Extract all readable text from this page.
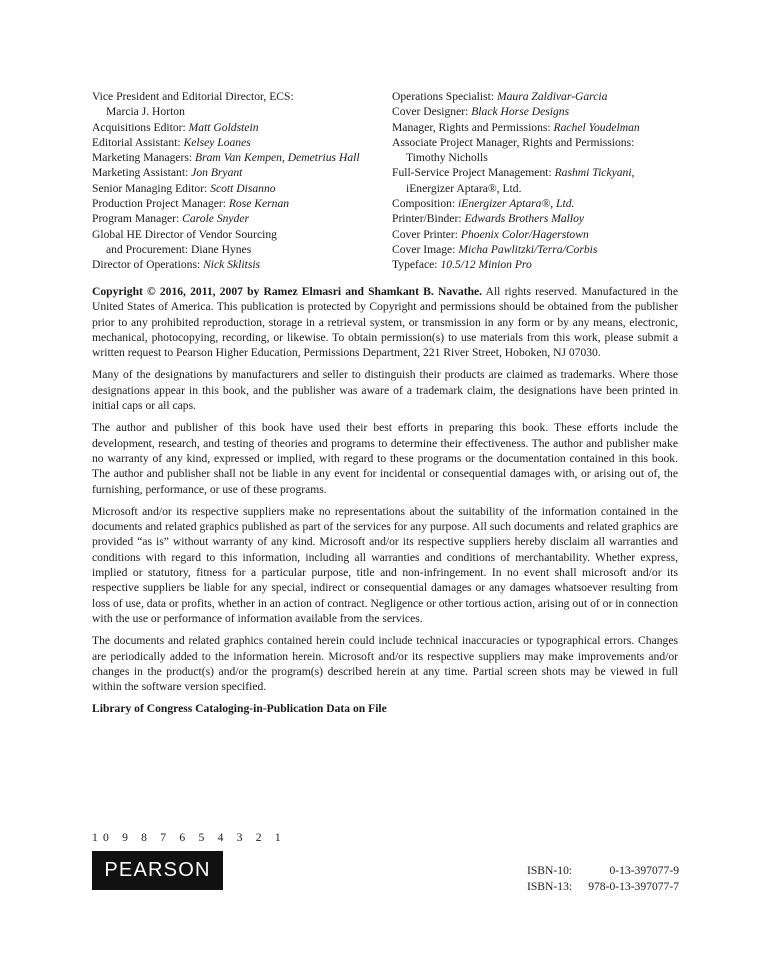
Vice President and Editorial Director, ECS:
Marcia J. Horton
Acquisitions Editor: Matt Goldstein
Editorial Assistant: Kelsey Loanes
Marketing Managers: Bram Van Kempen, Demetrius Hall
Marketing Assistant: Jon Bryant
Senior Managing Editor: Scott Disanno
Production Project Manager: Rose Kernan
Program Manager: Carole Snyder
Global HE Director of Vendor Sourcing
and Procurement: Diane Hynes
Director of Operations: Nick Sklitsis
Operations Specialist: Maura Zaldivar-Garcia
Cover Designer: Black Horse Designs
Manager, Rights and Permissions: Rachel Youdelman
Associate Project Manager, Rights and Permissions:
Timothy Nicholls
Full-Service Project Management: Rashmi Tickyani,
iEnergizer Aptara®, Ltd.
Composition: iEnergizer Aptara®, Ltd.
Printer/Binder: Edwards Brothers Malloy
Cover Printer: Phoenix Color/Hagerstown
Cover Image: Micha Pawlitzki/Terra/Corbis
Typeface: 10.5/12 Minion Pro

Copyright © 2016, 2011, 2007 by Ramez Elmasri and Shamkant B. Navathe. All rights reserved. Manufactured in the United States of America. This publication is protected by Copyright and permissions should be obtained from the publisher prior to any prohibited reproduction, storage in a retrieval system, or transmission in any form or by any means, electronic, mechanical, photocopying, recording, or likewise. To obtain permission(s) to use materials from this work, please submit a written request to Pearson Higher Education, Permissions Department, 221 River Street, Hoboken, NJ 07030.

Many of the designations by manufacturers and seller to distinguish their products are claimed as trademarks. Where those designations appear in this book, and the publisher was aware of a trademark claim, the designations have been printed in initial caps or all caps.

The author and publisher of this book have used their best efforts in preparing this book. These efforts include the development, research, and testing of theories and programs to determine their effectiveness. The author and publisher make no warranty of any kind, expressed or implied, with regard to these programs or the documentation contained in this book. The author and publisher shall not be liable in any event for incidental or consequential damages with, or arising out of, the furnishing, performance, or use of these programs.

Microsoft and/or its respective suppliers make no representations about the suitability of the information contained in the documents and related graphics published as part of the services for any purpose. All such documents and related graphics are provided “as is” without warranty of any kind. Microsoft and/or its respective suppliers hereby disclaim all warranties and conditions with regard to this information, including all warranties and conditions of merchantability. Whether express, implied or statutory, fitness for a particular purpose, title and non-infringement. In no event shall microsoft and/or its respective suppliers be liable for any special, indirect or consequential damages or any damages whatsoever resulting from loss of use, data or profits, whether in an action of contract. Negligence or other tortious action, arising out of or in connection with the use or performance of information available from the services.

The documents and related graphics contained herein could include technical inaccuracies or typographical errors. Changes are periodically added to the information herein. Microsoft and/or its respective suppliers may make improvements and/or changes in the product(s) and/or the program(s) described herein at any time. Partial screen shots may be viewed in full within the software version specified.

Library of Congress Cataloging-in-Publication Data on File

10 9 8 7 6 5 4 3 2 1
PEARSON	ISBN-10:	0-13-397077-9
ISBN-13: 978-0-13-397077-7
